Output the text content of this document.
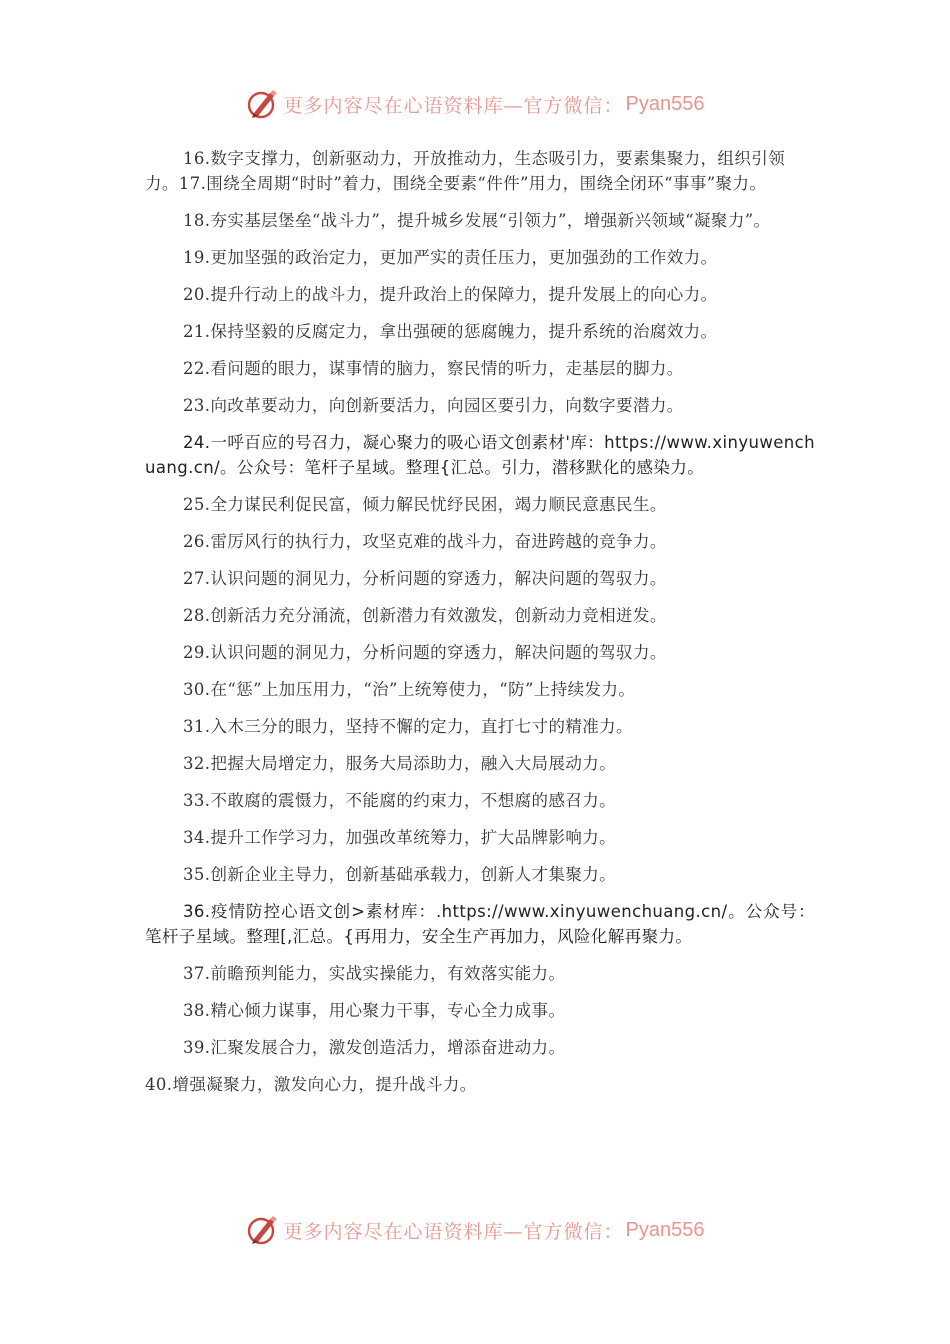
更多内容尽在心语资料库—官方微信： Pyan556

16.数字支撑力，创新驱动力，开放推动力，生态吸引力，要素集聚力，组织引领力。17.围绕全周期“时时”着力，围绕全要素“件件”用力，围绕全闭环“事事”聚力。

18.夯实基层堡垒“战斗力”，提升城乡发展“引领力”，增强新兴领域“凝聚力”。

19.更加坚强的政治定力，更加严实的责任压力，更加强劲的工作效力。

20.提升行动上的战斗力，提升政治上的保障力，提升发展上的向心力。

21.保持坚毅的反腐定力，拿出强硬的惩腐魄力，提升系统的治腐效力。

22.看问题的眼力，谋事情的脑力，察民情的听力，走基层的脚力。

23.向改革要动力，向创新要活力，向园区要引力，向数字要潜力。

24.一呼百应的号召力，凝心聚力的吸心语文创素材'库：https://www.xinyuwenchuang.cn/。公众号：笔杆子星域。整理{汇总。引力，潜移默化的感染力。

25.全力谋民利促民富，倾力解民忧纾民困，竭力顺民意惠民生。

26.雷厉风行的执行力，攻坚克难的战斗力，奋进跨越的竞争力。

27.认识问题的洞见力，分析问题的穿透力，解决问题的驾驭力。

28.创新活力充分涌流，创新潜力有效激发，创新动力竞相迸发。

29.认识问题的洞见力，分析问题的穿透力，解决问题的驾驭力。

30.在“惩”上加压用力，“治”上统筹使力，“防”上持续发力。

31.入木三分的眼力，坚持不懈的定力，直打七寸的精准力。

32.把握大局增定力，服务大局添助力，融入大局展动力。

33.不敢腐的震慑力，不能腐的约束力，不想腐的感召力。

34.提升工作学习力，加强改革统筹力，扩大品牌影响力。

35.创新企业主导力，创新基础承载力，创新人才集聚力。

36.疫情防控心语文创>素材库：.https://www.xinyuwenchuang.cn/。公众号：笔杆子星域。整理[,汇总。{再用力，安全生产再加力，风险化解再聚力。

37.前瞻预判能力，实战实操能力，有效落实能力。

38.精心倾力谋事，用心聚力干事，专心全力成事。

39.汇聚发展合力，激发创造活力，增添奋进动力。

40.增强凝聚力，激发向心力，提升战斗力。

更多内容尽在心语资料库—官方微信： Pyan556
